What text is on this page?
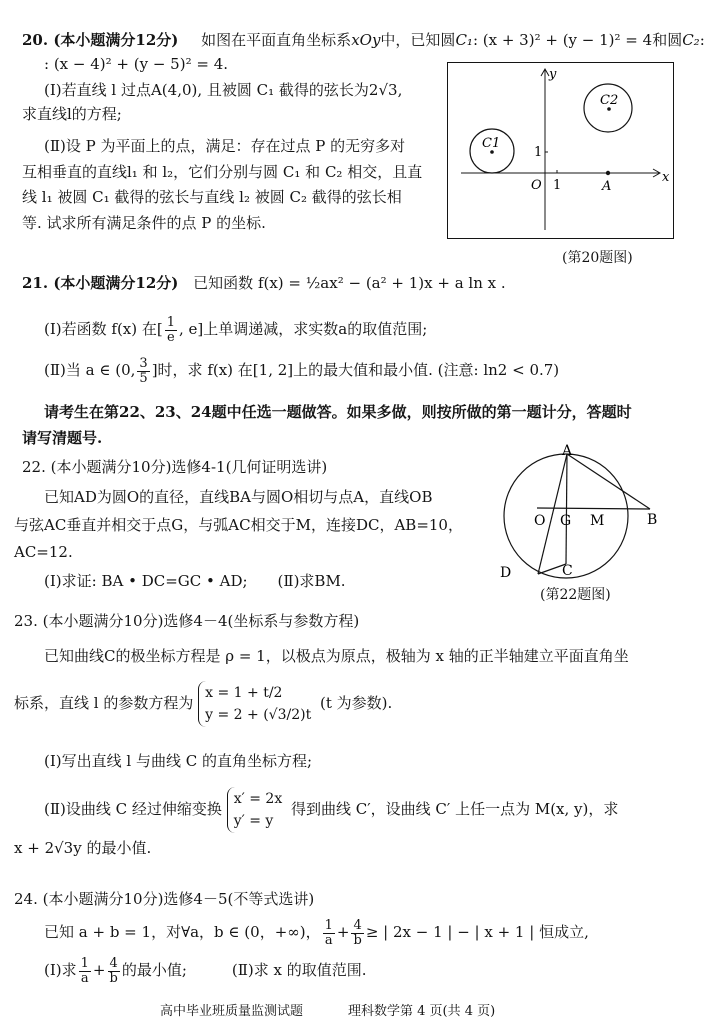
20. (本小题满分12分) 如图在平面直角坐标系xOy中，已知圆C₁: (x + 3)² + (y − 1)² = 4和圆C₂:
: (x − 4)² + (y − 5)² = 4.
(Ⅰ)若直线 l 过点A(4,0), 且被圆 C₁ 截得的弦长为2√3,
求直线l的方程;
(Ⅱ)设 P 为平面上的点，满足：存在过点 P 的无穷多对
互相垂直的直线l₁ 和 l₂，它们分别与圆 C₁ 和 C₂ 相交，且直
线 l₁ 被圆 C₁ 截得的弦长与直线 l₂ 被圆 C₂ 截得的弦长相
等. 试求所有满足条件的点 P 的坐标.
y
x
O 1
1
A
C1
C2
(第20题图)
21. (本小题满分12分) 已知函数 f(x) = ½ax² − (a² + 1)x + a ln x .
(Ⅰ)若函数 f(x) 在[ $\frac{1}{e}$ , e]上单调递减，求实数a的取值范围;
(Ⅱ)当 a ∈ (0, $\frac{3}{5}$ ]时，求 f(x) 在[1, 2]上的最大值和最小值. (注意: ln2 < 0.7)
请考生在第22、23、24题中任选一题做答。如果多做，则按所做的第一题计分，答题时
请写清题号.
22. (本小题满分10分)选修4-1(几何证明选讲)
已知AD为圆O的直径，直线BA与圆O相切与点A，直线OB
与弦AC垂直并相交于点G，与弧AC相交于M，连接DC，AB=10，
AC=12.
(Ⅰ)求证: BA • DC=GC • AD;　　(Ⅱ)求BM.
A
O G M	B
C
D
(第22题图)
23. (本小题满分10分)选修4－4(坐标系与参数方程)
已知曲线C的极坐标方程是 ρ = 1，以极点为原点，极轴为 x 轴的正半轴建立平面直角坐
标系，直线 l 的参数方程为
x = 1 + t/2
y = 2 + (√3/2)t
(t 为参数).
(Ⅰ)写出直线 l 与曲线 C 的直角坐标方程;
(Ⅱ)设曲线 C 经过伸缩变换
x′ = 2x
y′ = y
得到曲线 C′，设曲线 C′ 上任一点为 M(x, y)，求
x + 2√3y 的最小值.
24. (本小题满分10分)选修4－5(不等式选讲)
已知 a + b = 1，对∀a，b ∈ (0，+∞)， $\frac{1}{a} + \frac{4}{b}$ ≥ | 2x − 1 | − | x + 1 | 恒成立,
(Ⅰ)求 $\frac{1}{a} + \frac{4}{b}$ 的最小值;　　　(Ⅱ)求 x 的取值范围.
高中毕业班质量监测试题	理科数学第 4 页(共 4 页)
